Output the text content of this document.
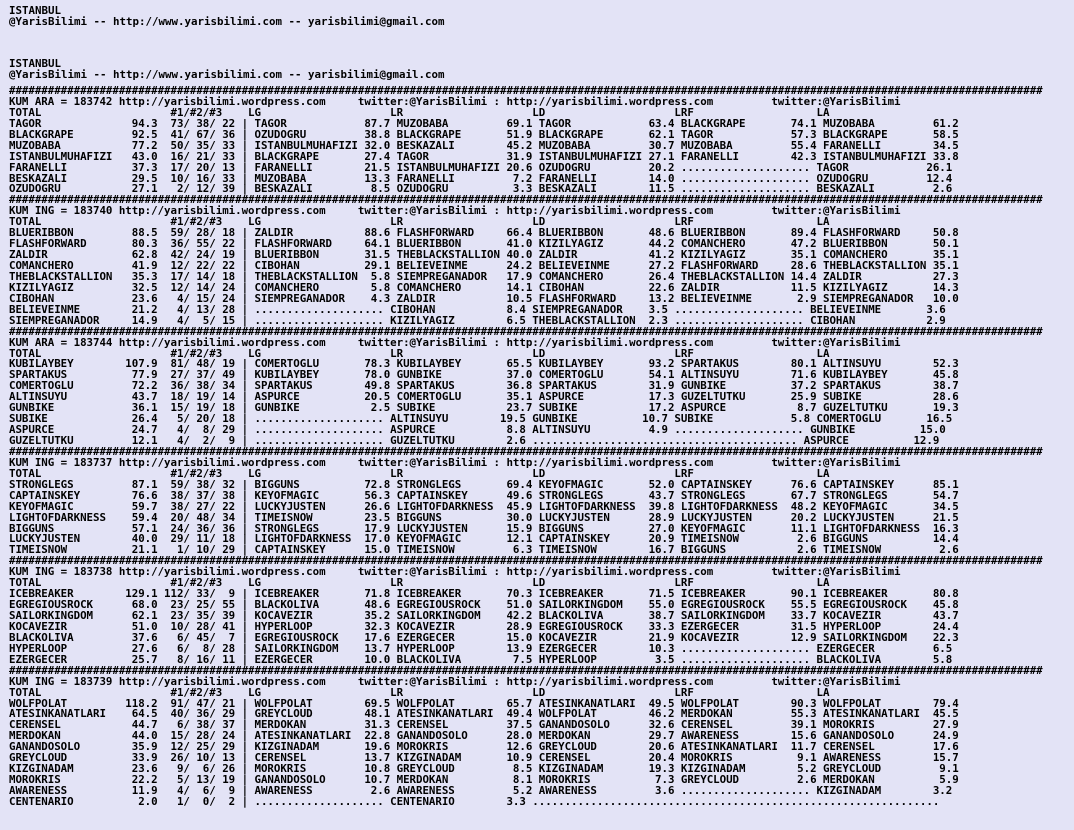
ISTANBUL
@YarisBilimi -- http://www.yarisbilimi.com -- yarisbilimi@gmail.com
ISTANBUL
@YarisBilimi -- http://www.yarisbilimi.com -- yarisbilimi@gmail.com
################################################################################################################################################################
KUM ARA = 183742 http://yarisbilimi.wordpress.com     twitter:@YarisBilimi : http://yarisbilimi.wordpress.com         twitter:@YarisBilimi
TOTAL                    #1/#2/#3    LG                    LR                    LD                    LRF                   LA
TAGOR              94.3  73/ 38/ 22 | TAGOR            87.7 MUZOBABA         69.1 TAGOR            63.4 BLACKGRAPE       74.1 MUZOBABA         61.2
BLACKGRAPE         92.5  41/ 67/ 36 | OZUDOGRU         38.8 BLACKGRAPE       51.9 BLACKGRAPE       62.1 TAGOR            57.3 BLACKGRAPE       58.5
MUZOBABA           77.2  50/ 35/ 33 | ISTANBULMUHAFIZI 32.0 BESKAZALI        45.2 MUZOBABA         30.7 MUZOBABA         55.4 FARANELLI        34.5
ISTANBULMUHAFIZI   43.0  16/ 21/ 33 | BLACKGRAPE       27.4 TAGOR            31.9 ISTANBULMUHAFIZI 27.1 FARANELLI        42.3 ISTANBULMUHAFIZI 33.8
FARANELLI          37.3  17/ 20/ 13 | FARANELLI        21.5 ISTANBULMUHAFIZI 20.6 OZUDOGRU         20.2 .................... TAGOR            26.1
BESKAZALI          29.5  10/ 16/ 33 | MUZOBABA         13.3 FARANELLI         7.2 FARANELLI        14.0 .................... OZUDOGRU         12.4
OZUDOGRU           27.1   2/ 12/ 39 | BESKAZALI         8.5 OZUDOGRU          3.3 BESKAZALI        11.5 .................... BESKAZALI         2.6
################################################################################################################################################################
KUM ING = 183740 http://yarisbilimi.wordpress.com     twitter:@YarisBilimi : http://yarisbilimi.wordpress.com         twitter:@YarisBilimi
TOTAL                    #1/#2/#3    LG                    LR                    LD                    LRF                   LA
BLUERIBBON         88.5  59/ 28/ 18 | ZALDIR           88.6 FLASHFORWARD     66.4 BLUERIBBON       48.6 BLUERIBBON       89.4 FLASHFORWARD     50.8
FLASHFORWARD       80.3  36/ 55/ 22 | FLASHFORWARD     64.1 BLUERIBBON       41.0 KIZILYAGIZ       44.2 COMANCHERO       47.2 BLUERIBBON       50.1
ZALDIR             62.8  42/ 24/ 19 | BLUERIBBON       31.5 THEBLACKSTALLION 40.0 ZALDIR           41.2 KIZILYAGIZ       35.1 COMANCHERO       35.1
COMANCHERO         41.9  12/ 22/ 22 | CIBOHAN          29.1 BELIEVEINME      24.2 BELIEVEINME      27.2 FLASHFORWARD     28.6 THEBLACKSTALLION 35.1
THEBLACKSTALLION   35.3  17/ 14/ 18 | THEBLACKSTALLION  5.8 SIEMPREGANADOR   17.9 COMANCHERO       26.4 THEBLACKSTALLION 14.4 ZALDIR           27.3
KIZILYAGIZ         32.5  12/ 14/ 24 | COMANCHERO        5.8 COMANCHERO       14.1 CIBOHAN          22.6 ZALDIR           11.5 KIZILYAGIZ       14.3
CIBOHAN            23.6   4/ 15/ 24 | SIEMPREGANADOR    4.3 ZALDIR           10.5 FLASHFORWARD     13.2 BELIEVEINME       2.9 SIEMPREGANADOR   10.0
BELIEVEINME        21.2   4/ 13/ 28 | .................... CIBOHAN           8.4 SIEMPREGANADOR    3.5 .................... BELIEVEINME       3.6
SIEMPREGANADOR     14.9   4/  5/ 15 | .................... KIZILYAGIZ        6.5 THEBLACKSTALLION  2.3 .................... CIBOHAN           2.9
################################################################################################################################################################
KUM ARA = 183744 http://yarisbilimi.wordpress.com     twitter:@YarisBilimi : http://yarisbilimi.wordpress.com         twitter:@YarisBilimi
TOTAL                    #1/#2/#3    LG                    LR                    LD                    LRF                   LA
KUBILAYBEY        107.9  81/ 48/ 19 | COMERTOGLU       78.3 KUBILAYBEY       65.5 KUBILAYBEY       93.2 SPARTAKUS        80.1 ALTINSUYU        52.3
SPARTAKUS          77.9  27/ 37/ 49 | KUBILAYBEY       78.0 GUNBIKE          37.0 COMERTOGLU       54.1 ALTINSUYU        71.6 KUBILAYBEY       45.8
COMERTOGLU         72.2  36/ 38/ 34 | SPARTAKUS        49.8 SPARTAKUS        36.8 SPARTAKUS        31.9 GUNBIKE          37.2 SPARTAKUS        38.7
ALTINSUYU          43.7  18/ 19/ 14 | ASPURCE          20.5 COMERTOGLU       35.1 ASPURCE          17.3 GUZELTUTKU       25.9 SUBIKE           28.6
GUNBIKE            36.1  15/ 19/ 18 | GUNBIKE           2.5 SUBIKE           23.7 SUBIKE           17.2 ASPURCE           8.7 GUZELTUTKU       19.3
SUBIKE             26.4   5/ 20/ 18 | .................... ALTINSUYU        19.5 GUNBIKE          10.7 SUBIKE            5.8 COMERTOGLU       16.5
ASPURCE            24.7   4/  8/ 29 | .................... ASPURCE           8.8 ALTINSUYU         4.9 .................... GUNBIKE          15.0
GUZELTUTKU         12.1   4/  2/  9 | .................... GUZELTUTKU        2.6 ......................................... ASPURCE          12.9
################################################################################################################################################################
KUM ING = 183737 http://yarisbilimi.wordpress.com     twitter:@YarisBilimi : http://yarisbilimi.wordpress.com         twitter:@YarisBilimi
TOTAL                    #1/#2/#3    LG                    LR                    LD                    LRF                   LA
STRONGLEGS         87.1  59/ 38/ 32 | BIGGUNS          72.8 STRONGLEGS       69.4 KEYOFMAGIC       52.0 CAPTAINSKEY      76.6 CAPTAINSKEY      85.1
CAPTAINSKEY        76.6  38/ 37/ 38 | KEYOFMAGIC       56.3 CAPTAINSKEY      49.6 STRONGLEGS       43.7 STRONGLEGS       67.7 STRONGLEGS       54.7
KEYOFMAGIC         59.7  38/ 27/ 22 | LUCKYJUSTEN      26.6 LIGHTOFDARKNESS  45.9 LIGHTOFDARKNESS  39.8 LIGHTOFDARKNESS  48.2 KEYOFMAGIC       34.5
LIGHTOFDARKNESS    59.4  20/ 48/ 34 | TIMEISNOW        23.5 BIGGUNS          30.0 LUCKYJUSTEN      28.9 LUCKYJUSTEN      20.2 LUCKYJUSTEN      21.5
BIGGUNS            57.1  24/ 36/ 36 | STRONGLEGS       17.9 LUCKYJUSTEN      15.9 BIGGUNS          27.0 KEYOFMAGIC       11.1 LIGHTOFDARKNESS  16.3
LUCKYJUSTEN        40.0  29/ 11/ 18 | LIGHTOFDARKNESS  17.0 KEYOFMAGIC       12.1 CAPTAINSKEY      20.9 TIMEISNOW         2.6 BIGGUNS          14.4
TIMEISNOW          21.1   1/ 10/ 29 | CAPTAINSKEY      15.0 TIMEISNOW         6.3 TIMEISNOW        16.7 BIGGUNS           2.6 TIMEISNOW         2.6
################################################################################################################################################################
KUM ING = 183738 http://yarisbilimi.wordpress.com     twitter:@YarisBilimi : http://yarisbilimi.wordpress.com         twitter:@YarisBilimi
TOTAL                    #1/#2/#3    LG                    LR                    LD                    LRF                   LA
ICEBREAKER        129.1 112/ 33/  9 | ICEBREAKER       71.8 ICEBREAKER       70.3 ICEBREAKER       71.5 ICEBREAKER       90.1 ICEBREAKER       80.8
EGREGIOUSROCK      68.0  23/ 25/ 55 | BLACKOLIVA       48.6 EGREGIOUSROCK    51.0 SAILORKINGDOM    55.0 EGREGIOUSROCK    55.5 EGREGIOUSROCK    45.8
SAILORKINGDOM      62.1  23/ 35/ 39 | KOCAVEZIR        35.2 SAILORKINGDOM    42.2 BLACKOLIVA       38.7 SAILORKINGDOM    33.7 KOCAVEZIR        43.7
KOCAVEZIR          51.0  10/ 28/ 41 | HYPERLOOP        32.3 KOCAVEZIR        28.9 EGREGIOUSROCK    33.3 EZERGECER        31.5 HYPERLOOP        24.4
BLACKOLIVA         37.6   6/ 45/  7 | EGREGIOUSROCK    17.6 EZERGECER        15.0 KOCAVEZIR        21.9 KOCAVEZIR        12.9 SAILORKINGDOM    22.3
HYPERLOOP          27.6   6/  8/ 28 | SAILORKINGDOM    13.7 HYPERLOOP        13.9 EZERGECER        10.3 .................... EZERGECER         6.5
EZERGECER          25.7   8/ 16/ 11 | EZERGECER        10.0 BLACKOLIVA        7.5 HYPERLOOP         3.5 .................... BLACKOLIVA        5.8
################################################################################################################################################################
KUM ING = 183739 http://yarisbilimi.wordpress.com     twitter:@YarisBilimi : http://yarisbilimi.wordpress.com         twitter:@YarisBilimi
TOTAL                    #1/#2/#3    LG                    LR                    LD                    LRF                   LA
WOLFPOLAT         118.2  91/ 47/ 21 | WOLFPOLAT        69.5 WOLFPOLAT        65.7 ATESINKANATLARI  49.5 WOLFPOLAT        90.3 WOLFPOLAT        79.4
ATESINKANATLARI    64.5  40/ 36/ 29 | GREYCLOUD        48.1 ATESINKANATLARI  49.4 WOLFPOLAT        46.2 MERDOKAN         55.3 ATESINKANATLARI  45.5
CERENSEL           44.7   6/ 38/ 37 | MERDOKAN         31.3 CERENSEL         37.5 GANANDOSOLO      32.6 CERENSEL         39.1 MOROKRIS         27.9
MERDOKAN           44.0  15/ 28/ 24 | ATESINKANATLARI  22.8 GANANDOSOLO      28.0 MERDOKAN         29.7 AWARENESS        15.6 GANANDOSOLO      24.9
GANANDOSOLO        35.9  12/ 25/ 29 | KIZGINADAM       19.6 MOROKRIS         12.6 GREYCLOUD        20.6 ATESINKANATLARI  11.7 CERENSEL         17.6
GREYCLOUD          33.9  26/ 10/ 13 | CERENSEL         13.7 KIZGINADAM       10.9 CERENSEL         20.4 MOROKRIS          9.1 AWARENESS        15.7
KIZGINADAM         23.6   9/  6/ 26 | MOROKRIS         10.8 GREYCLOUD         8.5 KIZGINADAM       19.3 KIZGINADAM        5.2 GREYCLOUD         9.1
MOROKRIS           22.2   5/ 13/ 19 | GANANDOSOLO      10.7 MERDOKAN          8.1 MOROKRIS          7.3 GREYCLOUD         2.6 MERDOKAN          5.9
AWARENESS          11.9   4/  6/  9 | AWARENESS         2.6 AWARENESS         5.2 AWARENESS         3.6 .................... KIZGINADAM        3.2
CENTENARIO          2.0   1/  0/  2 | .................... CENTENARIO        3.3 ...............................................................
